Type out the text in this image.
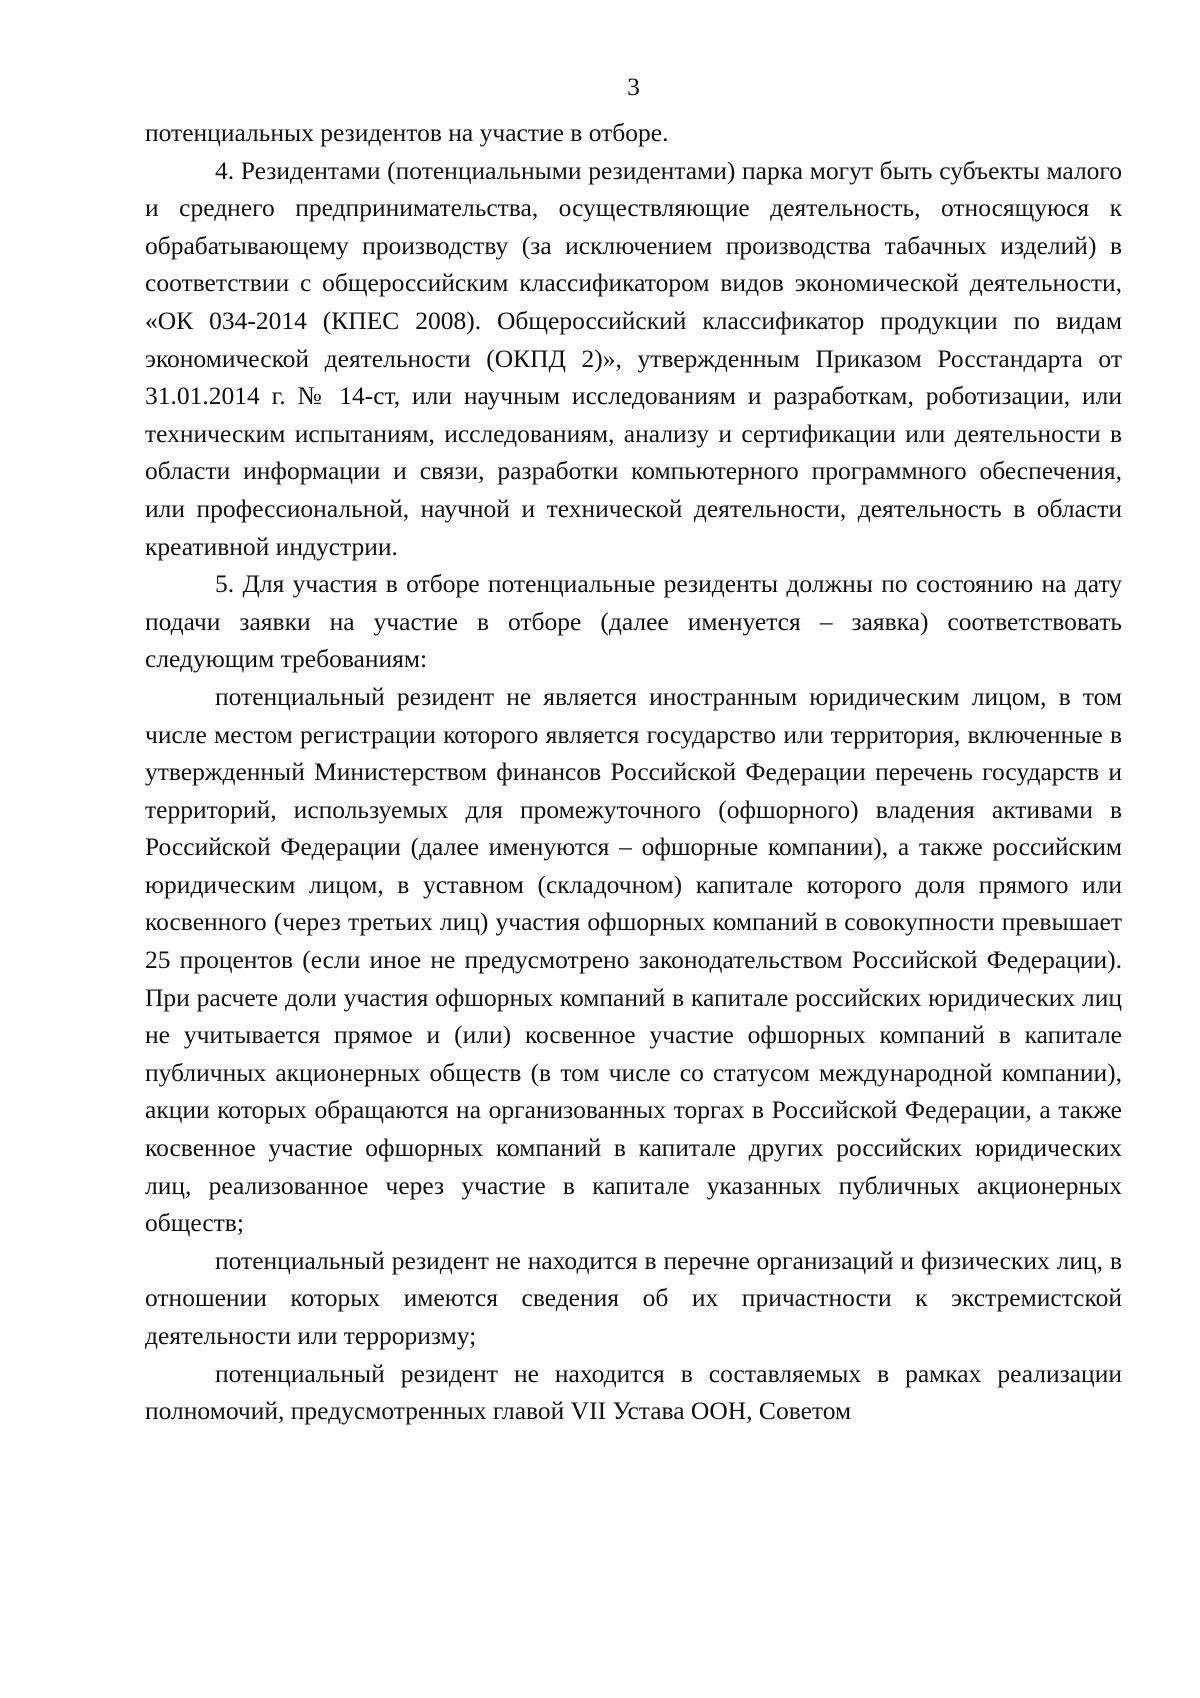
3

потенциальных резидентов на участие в отборе.

4. Резидентами (потенциальными резидентами) парка могут быть субъекты малого и среднего предпринимательства, осуществляющие деятельность, относящуюся к обрабатывающему производству (за исключением производства табачных изделий) в соответствии с общероссийским классификатором видов экономической деятельности, «ОК 034-2014 (КПЕС 2008). Общероссийский классификатор продукции по видам экономической деятельности (ОКПД 2)», утвержденным Приказом Росстандарта от 31.01.2014 г. № 14-ст, или научным исследованиям и разработкам, роботизации, или техническим испытаниям, исследованиям, анализу и сертификации или деятельности в области информации и связи, разработки компьютерного программного обеспечения, или профессиональной, научной и технической деятельности, деятельность в области креативной индустрии.

5. Для участия в отборе потенциальные резиденты должны по состоянию на дату подачи заявки на участие в отборе (далее именуется – заявка) соответствовать следующим требованиям:

потенциальный резидент не является иностранным юридическим лицом, в том числе местом регистрации которого является государство или территория, включенные в утвержденный Министерством финансов Российской Федерации перечень государств и территорий, используемых для промежуточного (офшорного) владения активами в Российской Федерации (далее именуются – офшорные компании), а также российским юридическим лицом, в уставном (складочном) капитале которого доля прямого или косвенного (через третьих лиц) участия офшорных компаний в совокупности превышает 25 процентов (если иное не предусмотрено законодательством Российской Федерации). При расчете доли участия офшорных компаний в капитале российских юридических лиц не учитывается прямое и (или) косвенное участие офшорных компаний в капитале публичных акционерных обществ (в том числе со статусом международной компании), акции которых обращаются на организованных торгах в Российской Федерации, а также косвенное участие офшорных компаний в капитале других российских юридических лиц, реализованное через участие в капитале указанных публичных акционерных обществ;

потенциальный резидент не находится в перечне организаций и физических лиц, в отношении которых имеются сведения об их причастности к экстремистской деятельности или терроризму;

потенциальный резидент не находится в составляемых в рамках реализации полномочий, предусмотренных главой VII Устава ООН, Советом
